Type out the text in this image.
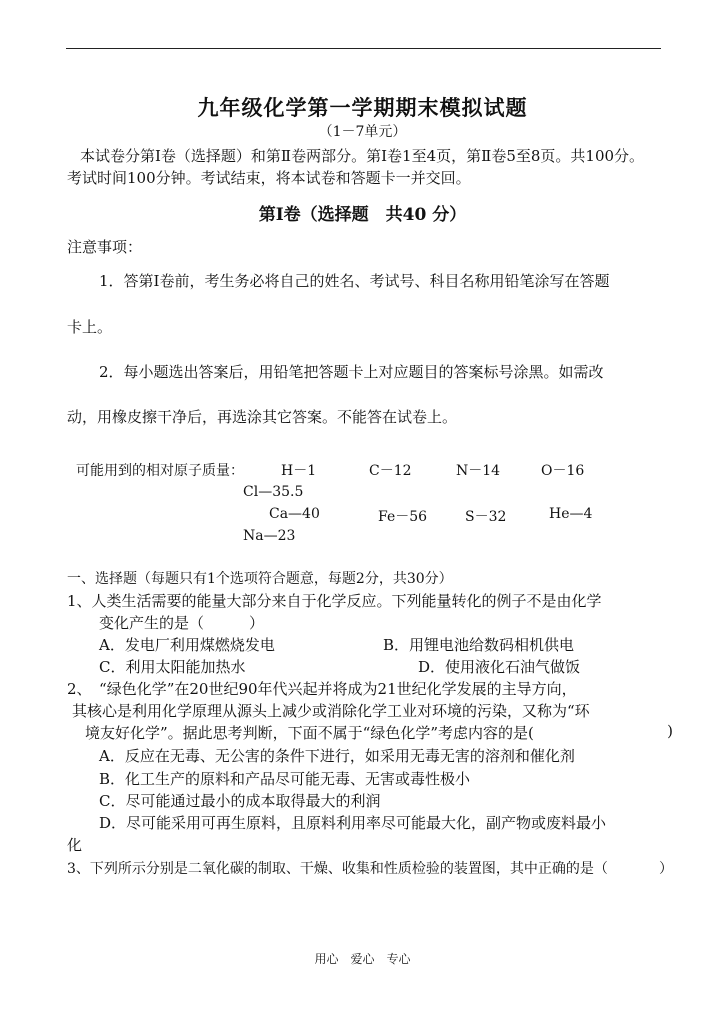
九年级化学第一学期期末模拟试题
（1－7单元）
本试卷分第Ⅰ卷（选择题）和第Ⅱ卷两部分。第Ⅰ卷1至4页，第Ⅱ卷5至8页。共100分。
考试时间100分钟。考试结束，将本试卷和答题卡一并交回。
第Ⅰ卷（选择题　共40 分）
注意事项：
1．答第Ⅰ卷前，考生务必将自己的姓名、考试号、科目名称用铅笔涂写在答题
卡上。
2．每小题选出答案后，用铅笔把答题卡上对应题目的答案标号涂黑。如需改
动，用橡皮擦干净后，再选涂其它答案。不能答在试卷上。
可能用到的相对原子质量：	H－1	C－12	N－14	O－16
Cl—35.5
Ca—40	Fe－56	S－32	He—4
Na—23
一、选择题（每题只有1个选项符合题意，每题2分，共30分）
1、人类生活需要的能量大部分来自于化学反应。下列能量转化的例子不是由化学
变化产生的是（　　　）
A．发电厂利用煤燃烧发电	B．用锂电池给数码相机供电
C．利用太阳能加热水	D．使用液化石油气做饭
2、　“绿色化学”在20世纪90年代兴起并将成为21世纪化学发展的主导方向，
其核心是利用化学原理从源头上减少或消除化学工业对环境的污染，又称为“环
境友好化学”。据此思考判断，下面不属于“绿色化学”考虑内容的是(	)
A．反应在无毒、无公害的条件下进行，如采用无毒无害的溶剂和催化剂
B．化工生产的原料和产品尽可能无毒、无害或毒性极小
C．尽可能通过最小的成本取得最大的利润
D．尽可能采用可再生原料，且原料利用率尽可能最大化，副产物或废料最小
化
3、下列所示分别是二氧化碳的制取、干燥、收集和性质检验的装置图，其中正确的是（	）
用心　爱心　专心
